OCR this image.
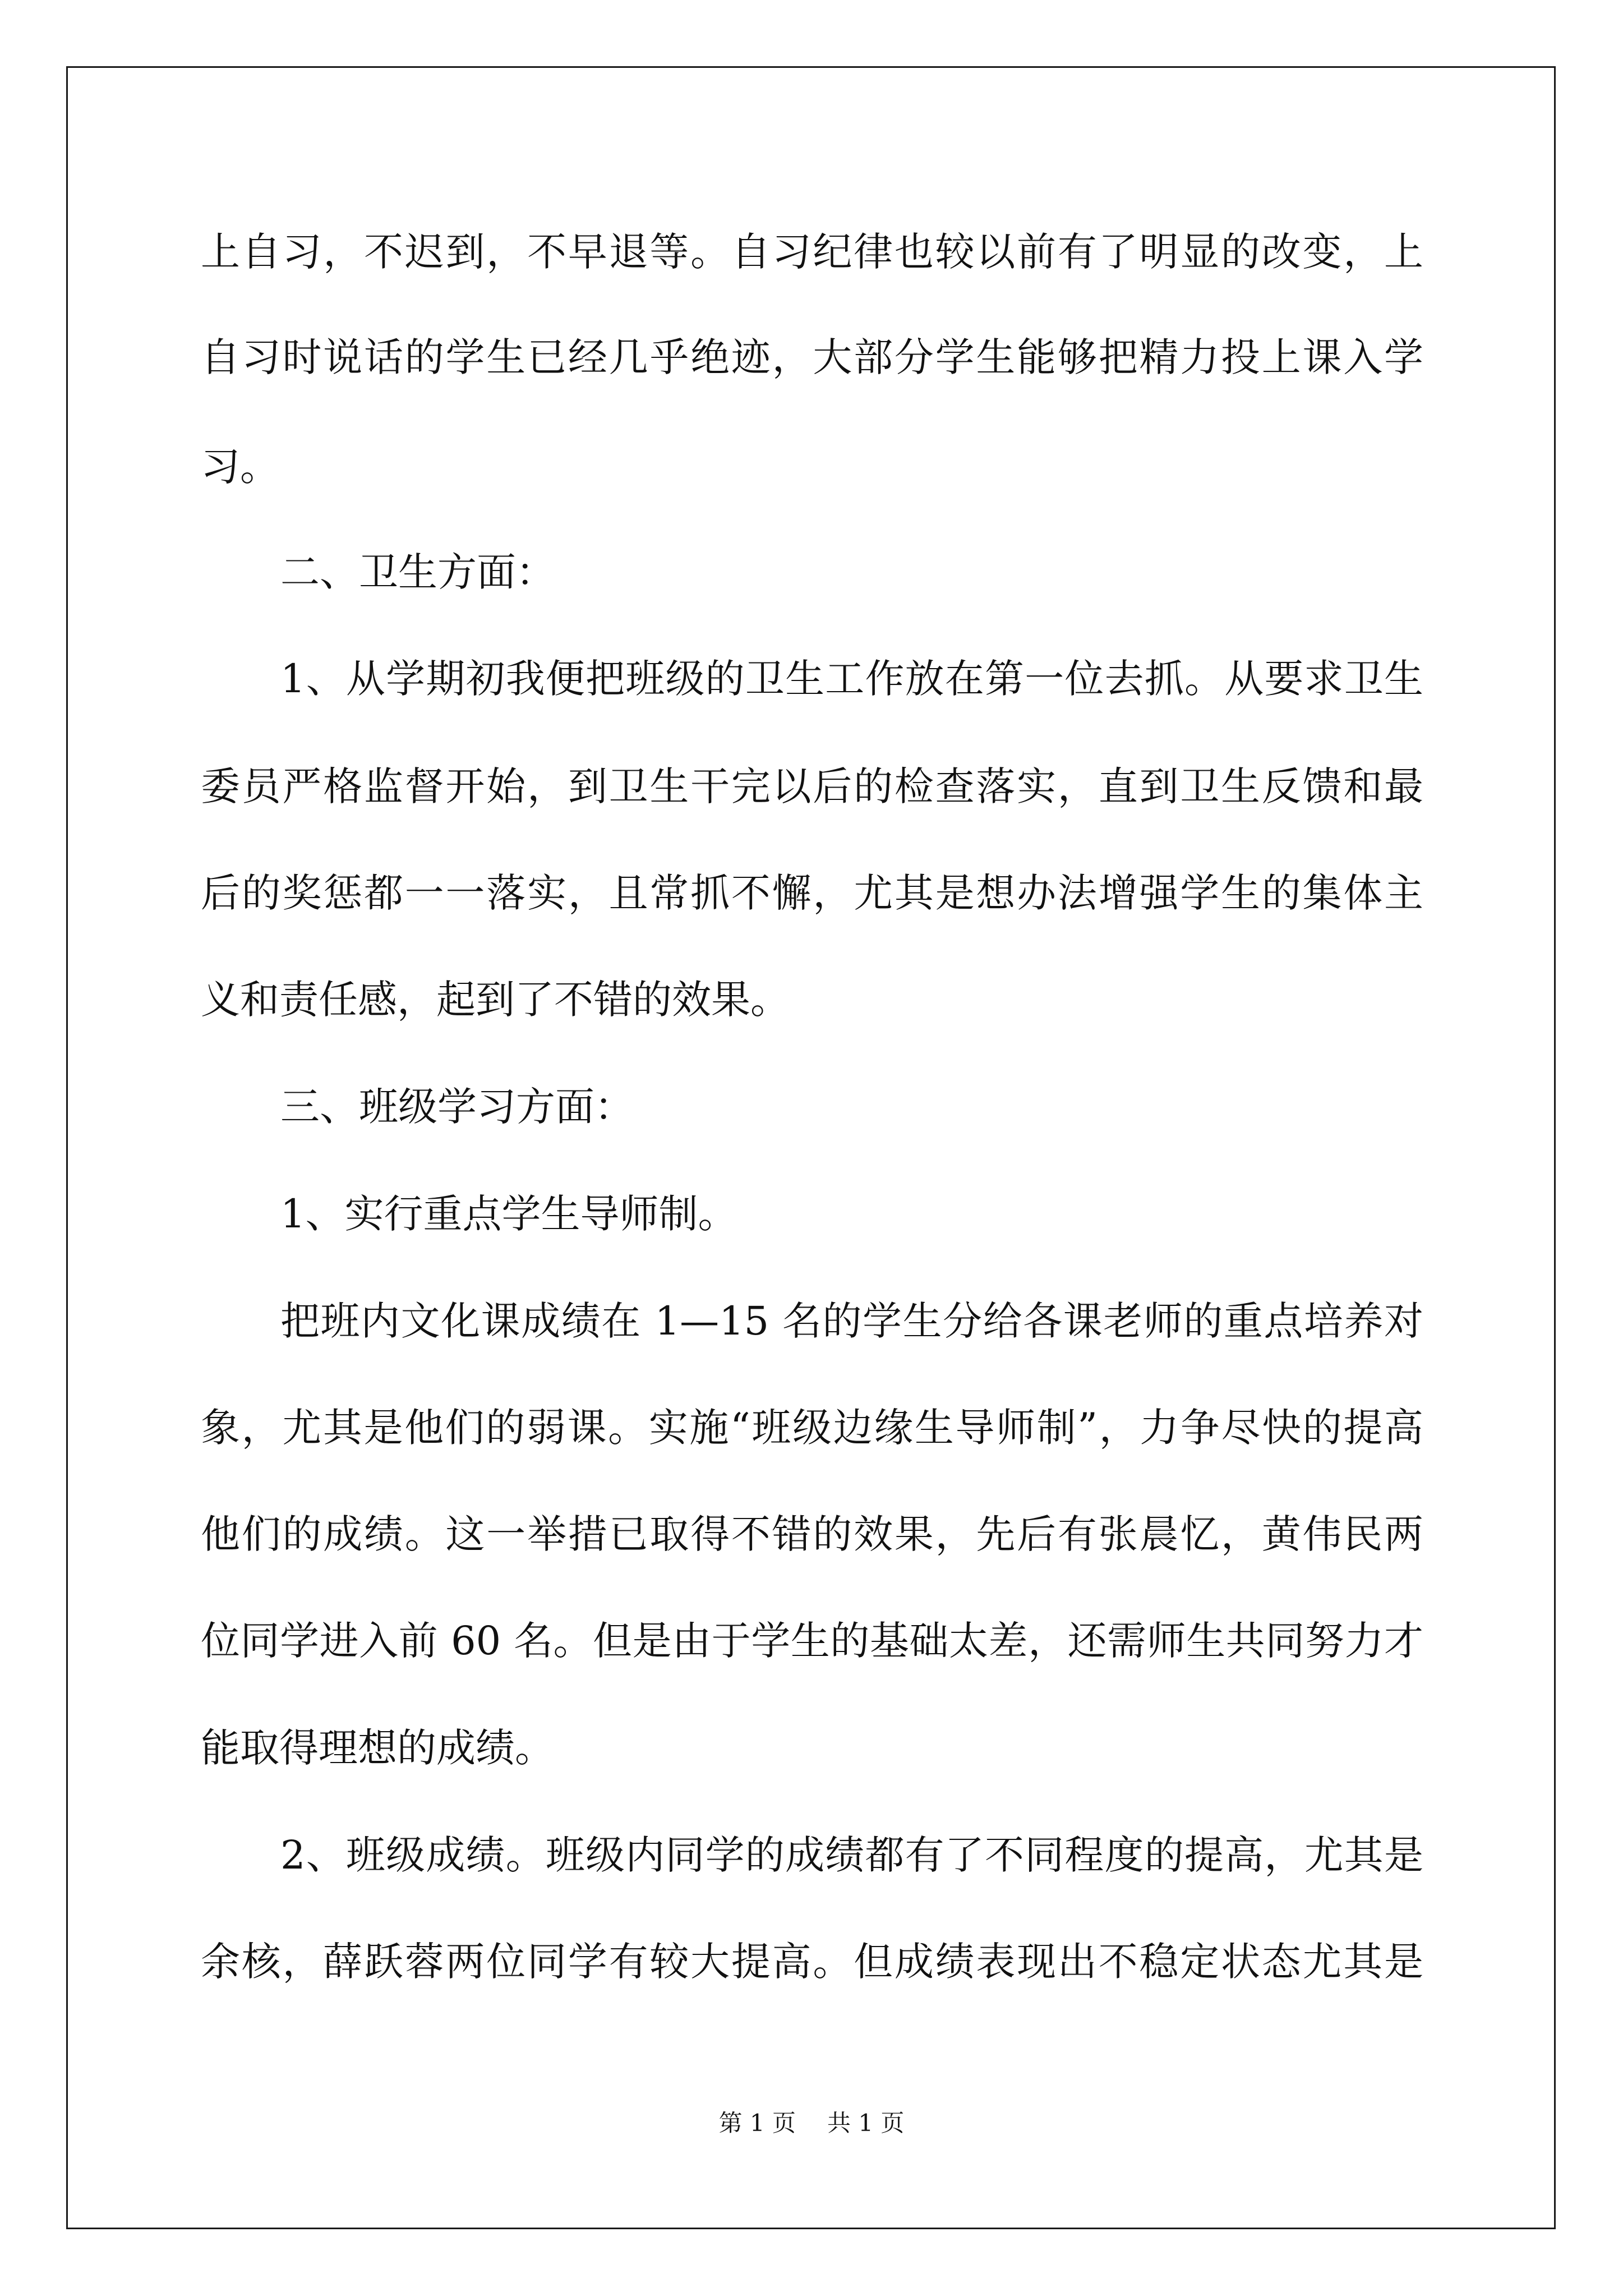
上自习，不迟到，不早退等。自习纪律也较以前有了明显的改变，上
自习时说话的学生已经几乎绝迹，大部分学生能够把精力投上课入学
习。
二、卫生方面：
1、从学期初我便把班级的卫生工作放在第一位去抓。从要求卫生
委员严格监督开始，到卫生干完以后的检查落实，直到卫生反馈和最
后的奖惩都一一落实，且常抓不懈，尤其是想办法增强学生的集体主
义和责任感，起到了不错的效果。
三、班级学习方面：
1、实行重点学生导师制。
把班内文化课成绩在 1—15 名的学生分给各课老师的重点培养对
象，尤其是他们的弱课。实施“班级边缘生导师制”，力争尽快的提高
他们的成绩。这一举措已取得不错的效果，先后有张晨忆，黄伟民两
位同学进入前 60 名。但是由于学生的基础太差，还需师生共同努力才
能取得理想的成绩。
2、班级成绩。班级内同学的成绩都有了不同程度的提高，尤其是
余核，薛跃蓉两位同学有较大提高。但成绩表现出不稳定状态尤其是
第 1 页 共 1 页
